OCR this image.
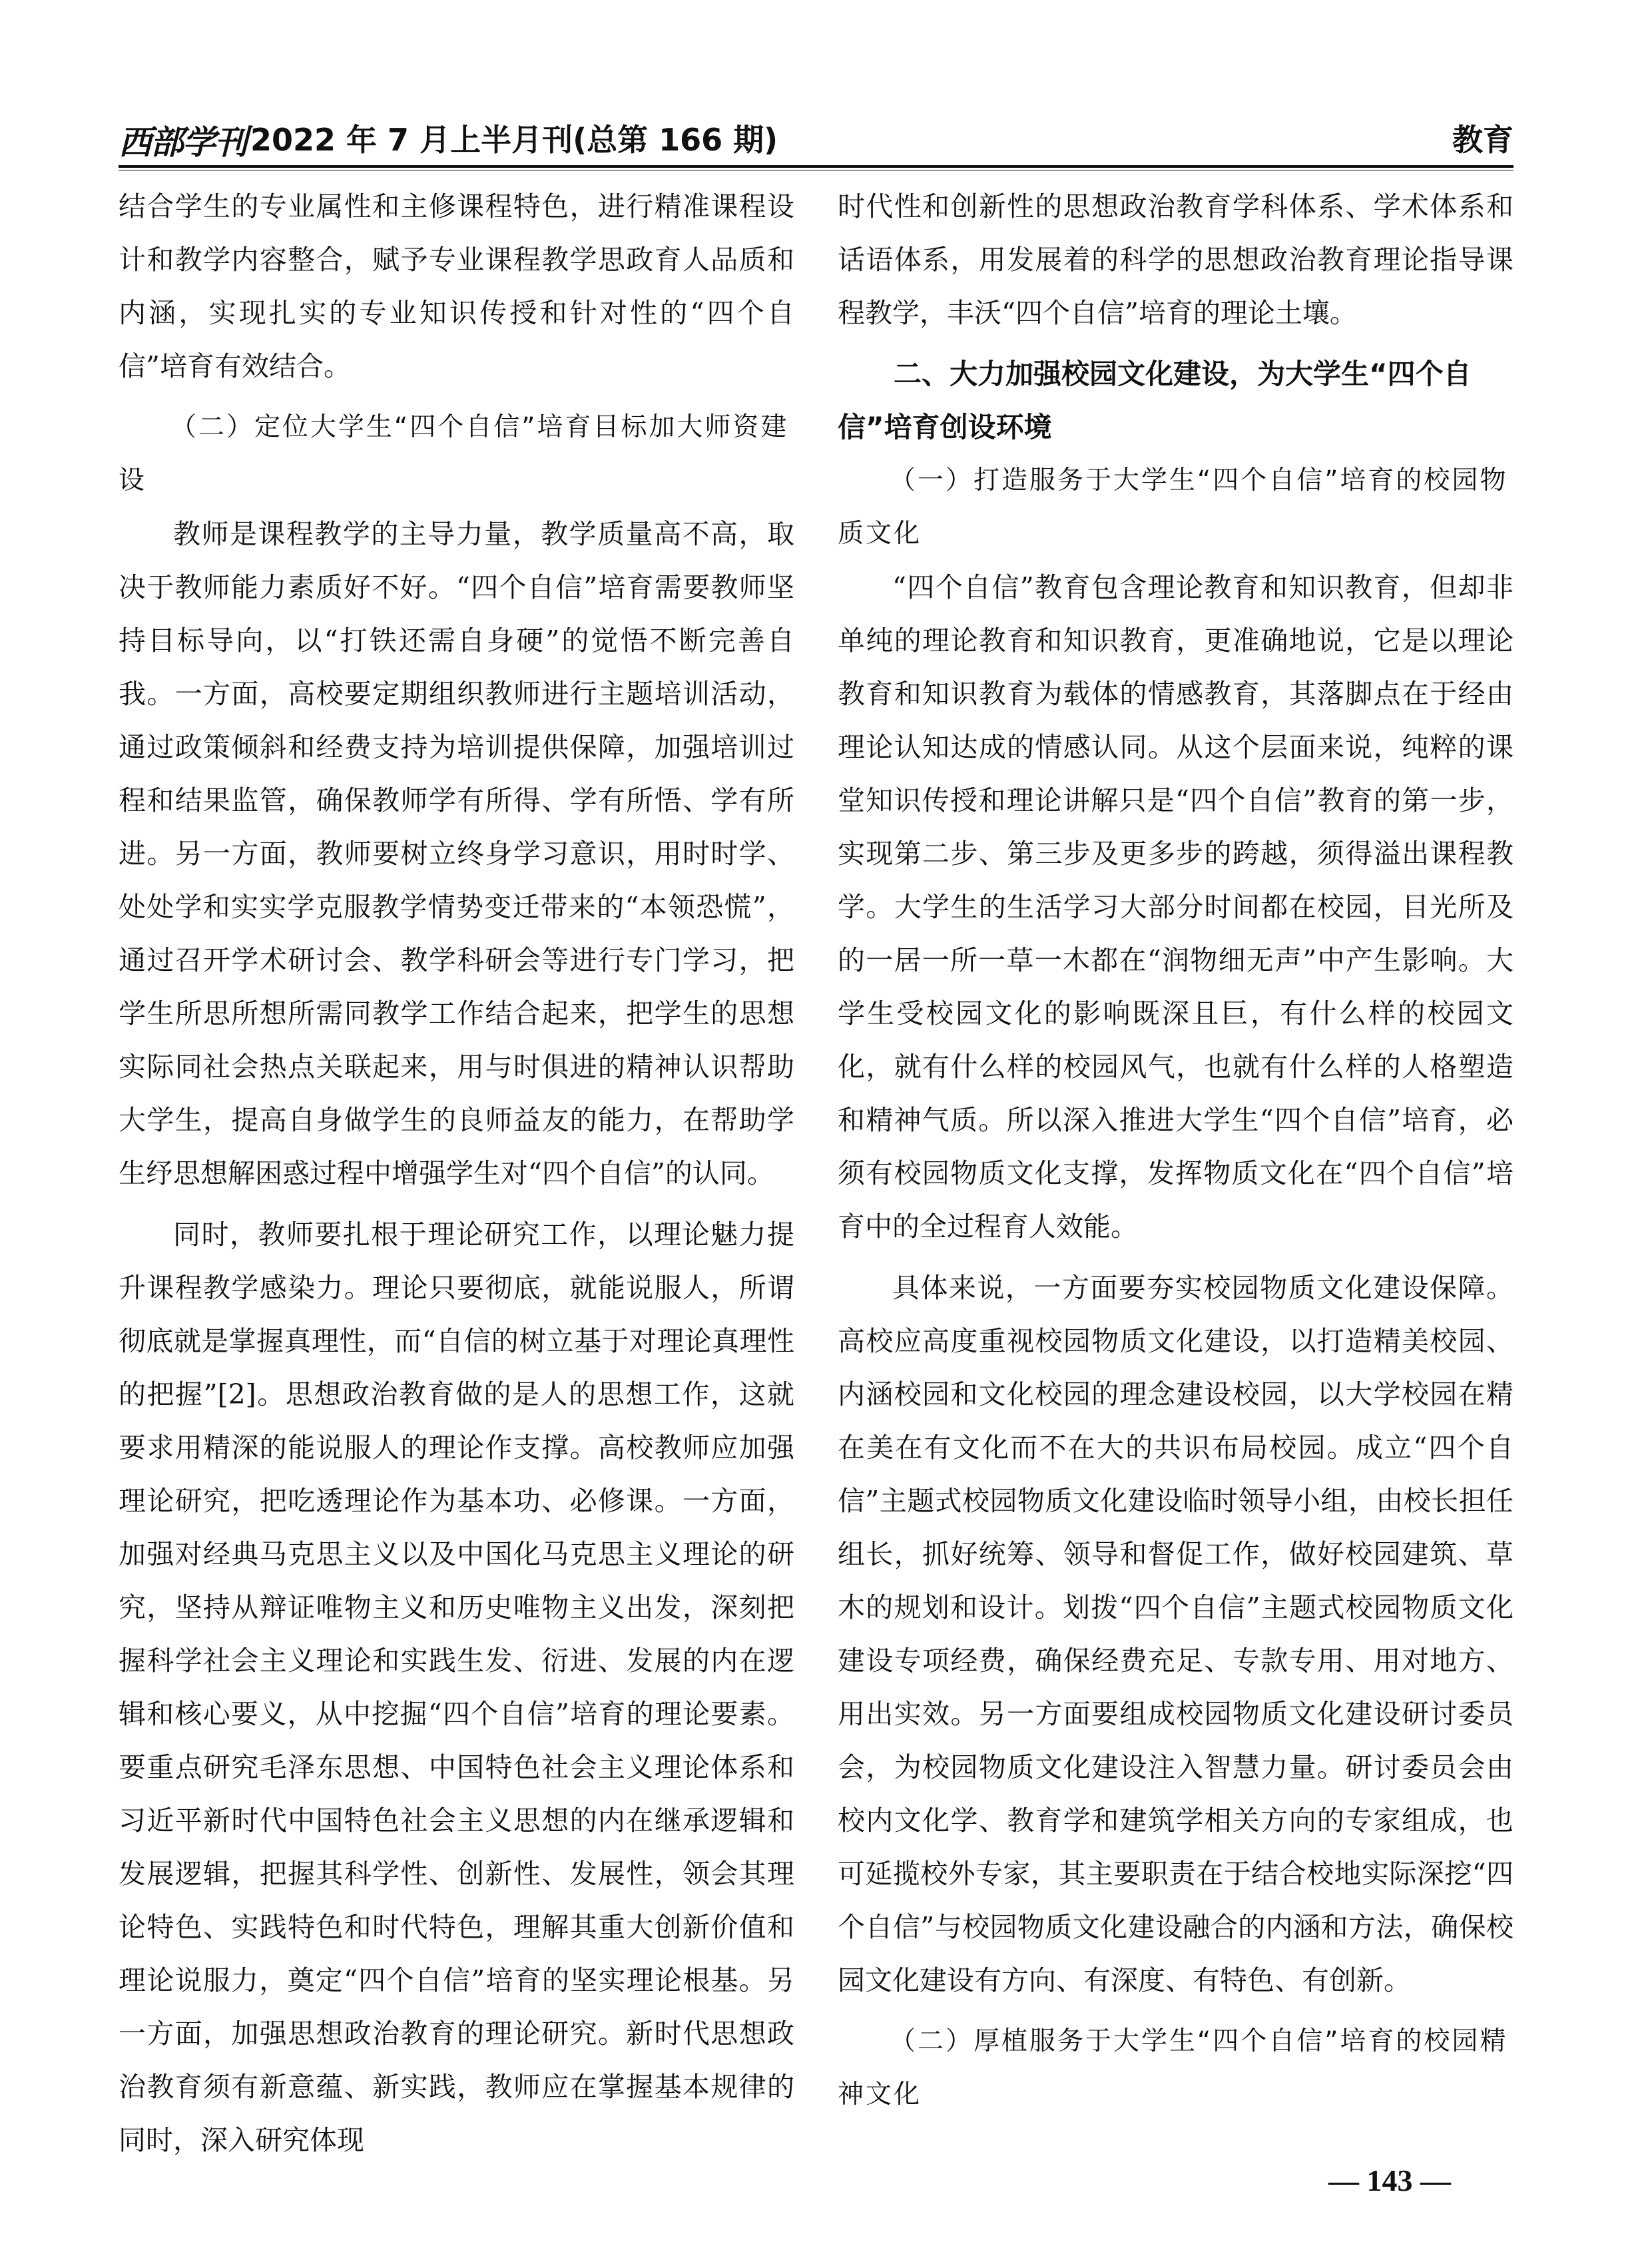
西部学刊 2022 年 7 月上半月刊(总第 166 期)	教育

结合学生的专业属性和主修课程特色，进行精准课程设计和教学内容整合，赋予专业课程教学思政育人品质和内涵，实现扎实的专业知识传授和针对性的“四个自信”培育有效结合。

（二）定位大学生“四个自信”培育目标加大师资建设

教师是课程教学的主导力量，教学质量高不高，取决于教师能力素质好不好。“四个自信”培育需要教师坚持目标导向，以“打铁还需自身硬”的觉悟不断完善自我。一方面，高校要定期组织教师进行主题培训活动，通过政策倾斜和经费支持为培训提供保障，加强培训过程和结果监管，确保教师学有所得、学有所悟、学有所进。另一方面，教师要树立终身学习意识，用时时学、处处学和实实学克服教学情势变迁带来的“本领恐慌”，通过召开学术研讨会、教学科研会等进行专门学习，把学生所思所想所需同教学工作结合起来，把学生的思想实际同社会热点关联起来，用与时俱进的精神认识帮助大学生，提高自身做学生的良师益友的能力，在帮助学生纾思想解困惑过程中增强学生对“四个自信”的认同。

同时，教师要扎根于理论研究工作，以理论魅力提升课程教学感染力。理论只要彻底，就能说服人，所谓彻底就是掌握真理性，而“自信的树立基于对理论真理性的把握”[2]。思想政治教育做的是人的思想工作，这就要求用精深的能说服人的理论作支撑。高校教师应加强理论研究，把吃透理论作为基本功、必修课。一方面，加强对经典马克思主义以及中国化马克思主义理论的研究，坚持从辩证唯物主义和历史唯物主义出发，深刻把握科学社会主义理论和实践生发、衍进、发展的内在逻辑和核心要义，从中挖掘“四个自信”培育的理论要素。要重点研究毛泽东思想、中国特色社会主义理论体系和习近平新时代中国特色社会主义思想的内在继承逻辑和发展逻辑，把握其科学性、创新性、发展性，领会其理论特色、实践特色和时代特色，理解其重大创新价值和理论说服力，奠定“四个自信”培育的坚实理论根基。另一方面，加强思想政治教育的理论研究。新时代思想政治教育须有新意蕴、新实践，教师应在掌握基本规律的同时，深入研究体现

时代性和创新性的思想政治教育学科体系、学术体系和话语体系，用发展着的科学的思想政治教育理论指导课程教学，丰沃“四个自信”培育的理论土壤。

二、大力加强校园文化建设，为大学生“四个自信”培育创设环境

（一）打造服务于大学生“四个自信”培育的校园物质文化

“四个自信”教育包含理论教育和知识教育，但却非单纯的理论教育和知识教育，更准确地说，它是以理论教育和知识教育为载体的情感教育，其落脚点在于经由理论认知达成的情感认同。从这个层面来说，纯粹的课堂知识传授和理论讲解只是“四个自信”教育的第一步，实现第二步、第三步及更多步的跨越，须得溢出课程教学。大学生的生活学习大部分时间都在校园，目光所及的一居一所一草一木都在“润物细无声”中产生影响。大学生受校园文化的影响既深且巨，有什么样的校园文化，就有什么样的校园风气，也就有什么样的人格塑造和精神气质。所以深入推进大学生“四个自信”培育，必须有校园物质文化支撑，发挥物质文化在“四个自信”培育中的全过程育人效能。

具体来说，一方面要夯实校园物质文化建设保障。高校应高度重视校园物质文化建设，以打造精美校园、内涵校园和文化校园的理念建设校园，以大学校园在精在美在有文化而不在大的共识布局校园。成立“四个自信”主题式校园物质文化建设临时领导小组，由校长担任组长，抓好统筹、领导和督促工作，做好校园建筑、草木的规划和设计。划拨“四个自信”主题式校园物质文化建设专项经费，确保经费充足、专款专用、用对地方、用出实效。另一方面要组成校园物质文化建设研讨委员会，为校园物质文化建设注入智慧力量。研讨委员会由校内文化学、教育学和建筑学相关方向的专家组成，也可延揽校外专家，其主要职责在于结合校地实际深挖“四个自信”与校园物质文化建设融合的内涵和方法，确保校园文化建设有方向、有深度、有特色、有创新。

（二）厚植服务于大学生“四个自信”培育的校园精神文化

— 143 —
